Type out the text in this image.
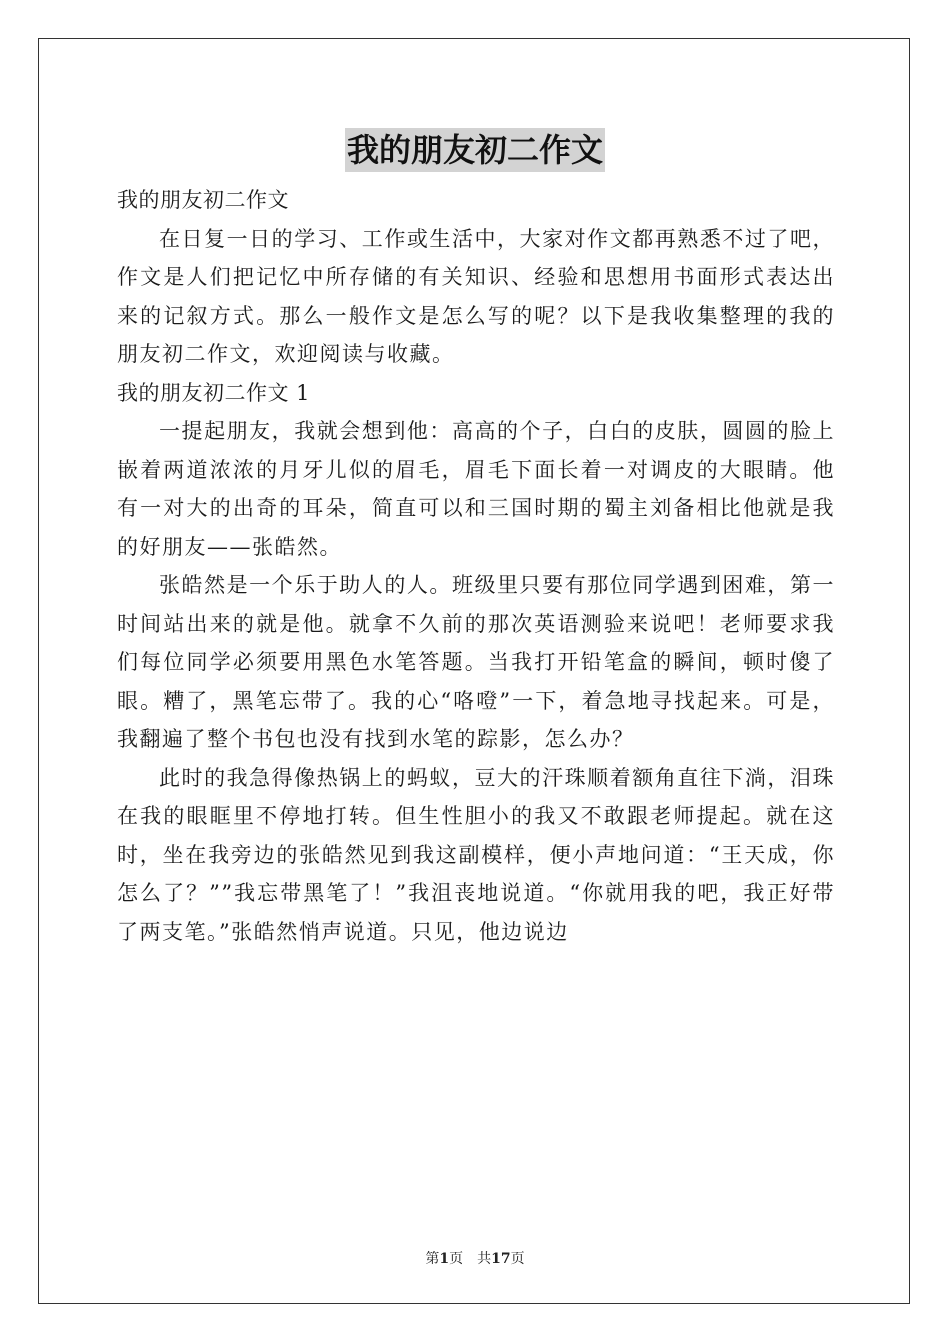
我的朋友初二作文

我的朋友初二作文

在日复一日的学习、工作或生活中，大家对作文都再熟悉不过了吧，作文是人们把记忆中所存储的有关知识、经验和思想用书面形式表达出来的记叙方式。那么一般作文是怎么写的呢？以下是我收集整理的我的朋友初二作文，欢迎阅读与收藏。

我的朋友初二作文 1

一提起朋友，我就会想到他：高高的个子，白白的皮肤，圆圆的脸上嵌着两道浓浓的月牙儿似的眉毛，眉毛下面长着一对调皮的大眼睛。他有一对大的出奇的耳朵，简直可以和三国时期的蜀主刘备相比他就是我的好朋友——张皓然。

张皓然是一个乐于助人的人。班级里只要有那位同学遇到困难，第一时间站出来的就是他。就拿不久前的那次英语测验来说吧！老师要求我们每位同学必须要用黑色水笔答题。当我打开铅笔盒的瞬间，顿时傻了眼。糟了，黑笔忘带了。我的心“咯噔”一下，着急地寻找起来。可是，我翻遍了整个书包也没有找到水笔的踪影，怎么办？

此时的我急得像热锅上的蚂蚁，豆大的汗珠顺着额角直往下淌，泪珠在我的眼眶里不停地打转。但生性胆小的我又不敢跟老师提起。就在这时，坐在我旁边的张皓然见到我这副模样，便小声地问道：“王天成，你怎么了？””我忘带黑笔了！”我沮丧地说道。“你就用我的吧，我正好带了两支笔。”张皓然悄声说道。只见，他边说边

第1页 共17页
